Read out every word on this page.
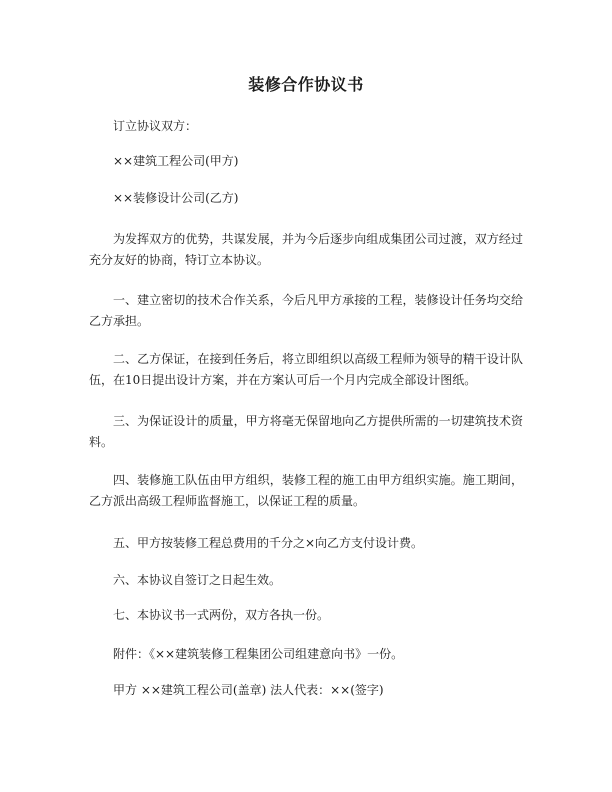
装修合作协议书

订立协议双方：

××建筑工程公司(甲方)

××装修设计公司(乙方)

为发挥双方的优势，共谋发展，并为今后逐步向组成集团公司过渡，双方经过充分友好的协商，特订立本协议。

一、建立密切的技术合作关系，今后凡甲方承接的工程，装修设计任务均交给乙方承担。

二、乙方保证，在接到任务后，将立即组织以高级工程师为领导的精干设计队伍，在10日提出设计方案，并在方案认可后一个月内完成全部设计图纸。

三、为保证设计的质量，甲方将毫无保留地向乙方提供所需的一切建筑技术资料。

四、装修施工队伍由甲方组织，装修工程的施工由甲方组织实施。施工期间，乙方派出高级工程师监督施工，以保证工程的质量。

五、甲方按装修工程总费用的千分之×向乙方支付设计费。

六、本协议自签订之日起生效。

七、本协议书一式两份，双方各执一份。

附件：《××建筑装修工程集团公司组建意向书》一份。

甲方 ××建筑工程公司(盖章) 法人代表：××(签字)
